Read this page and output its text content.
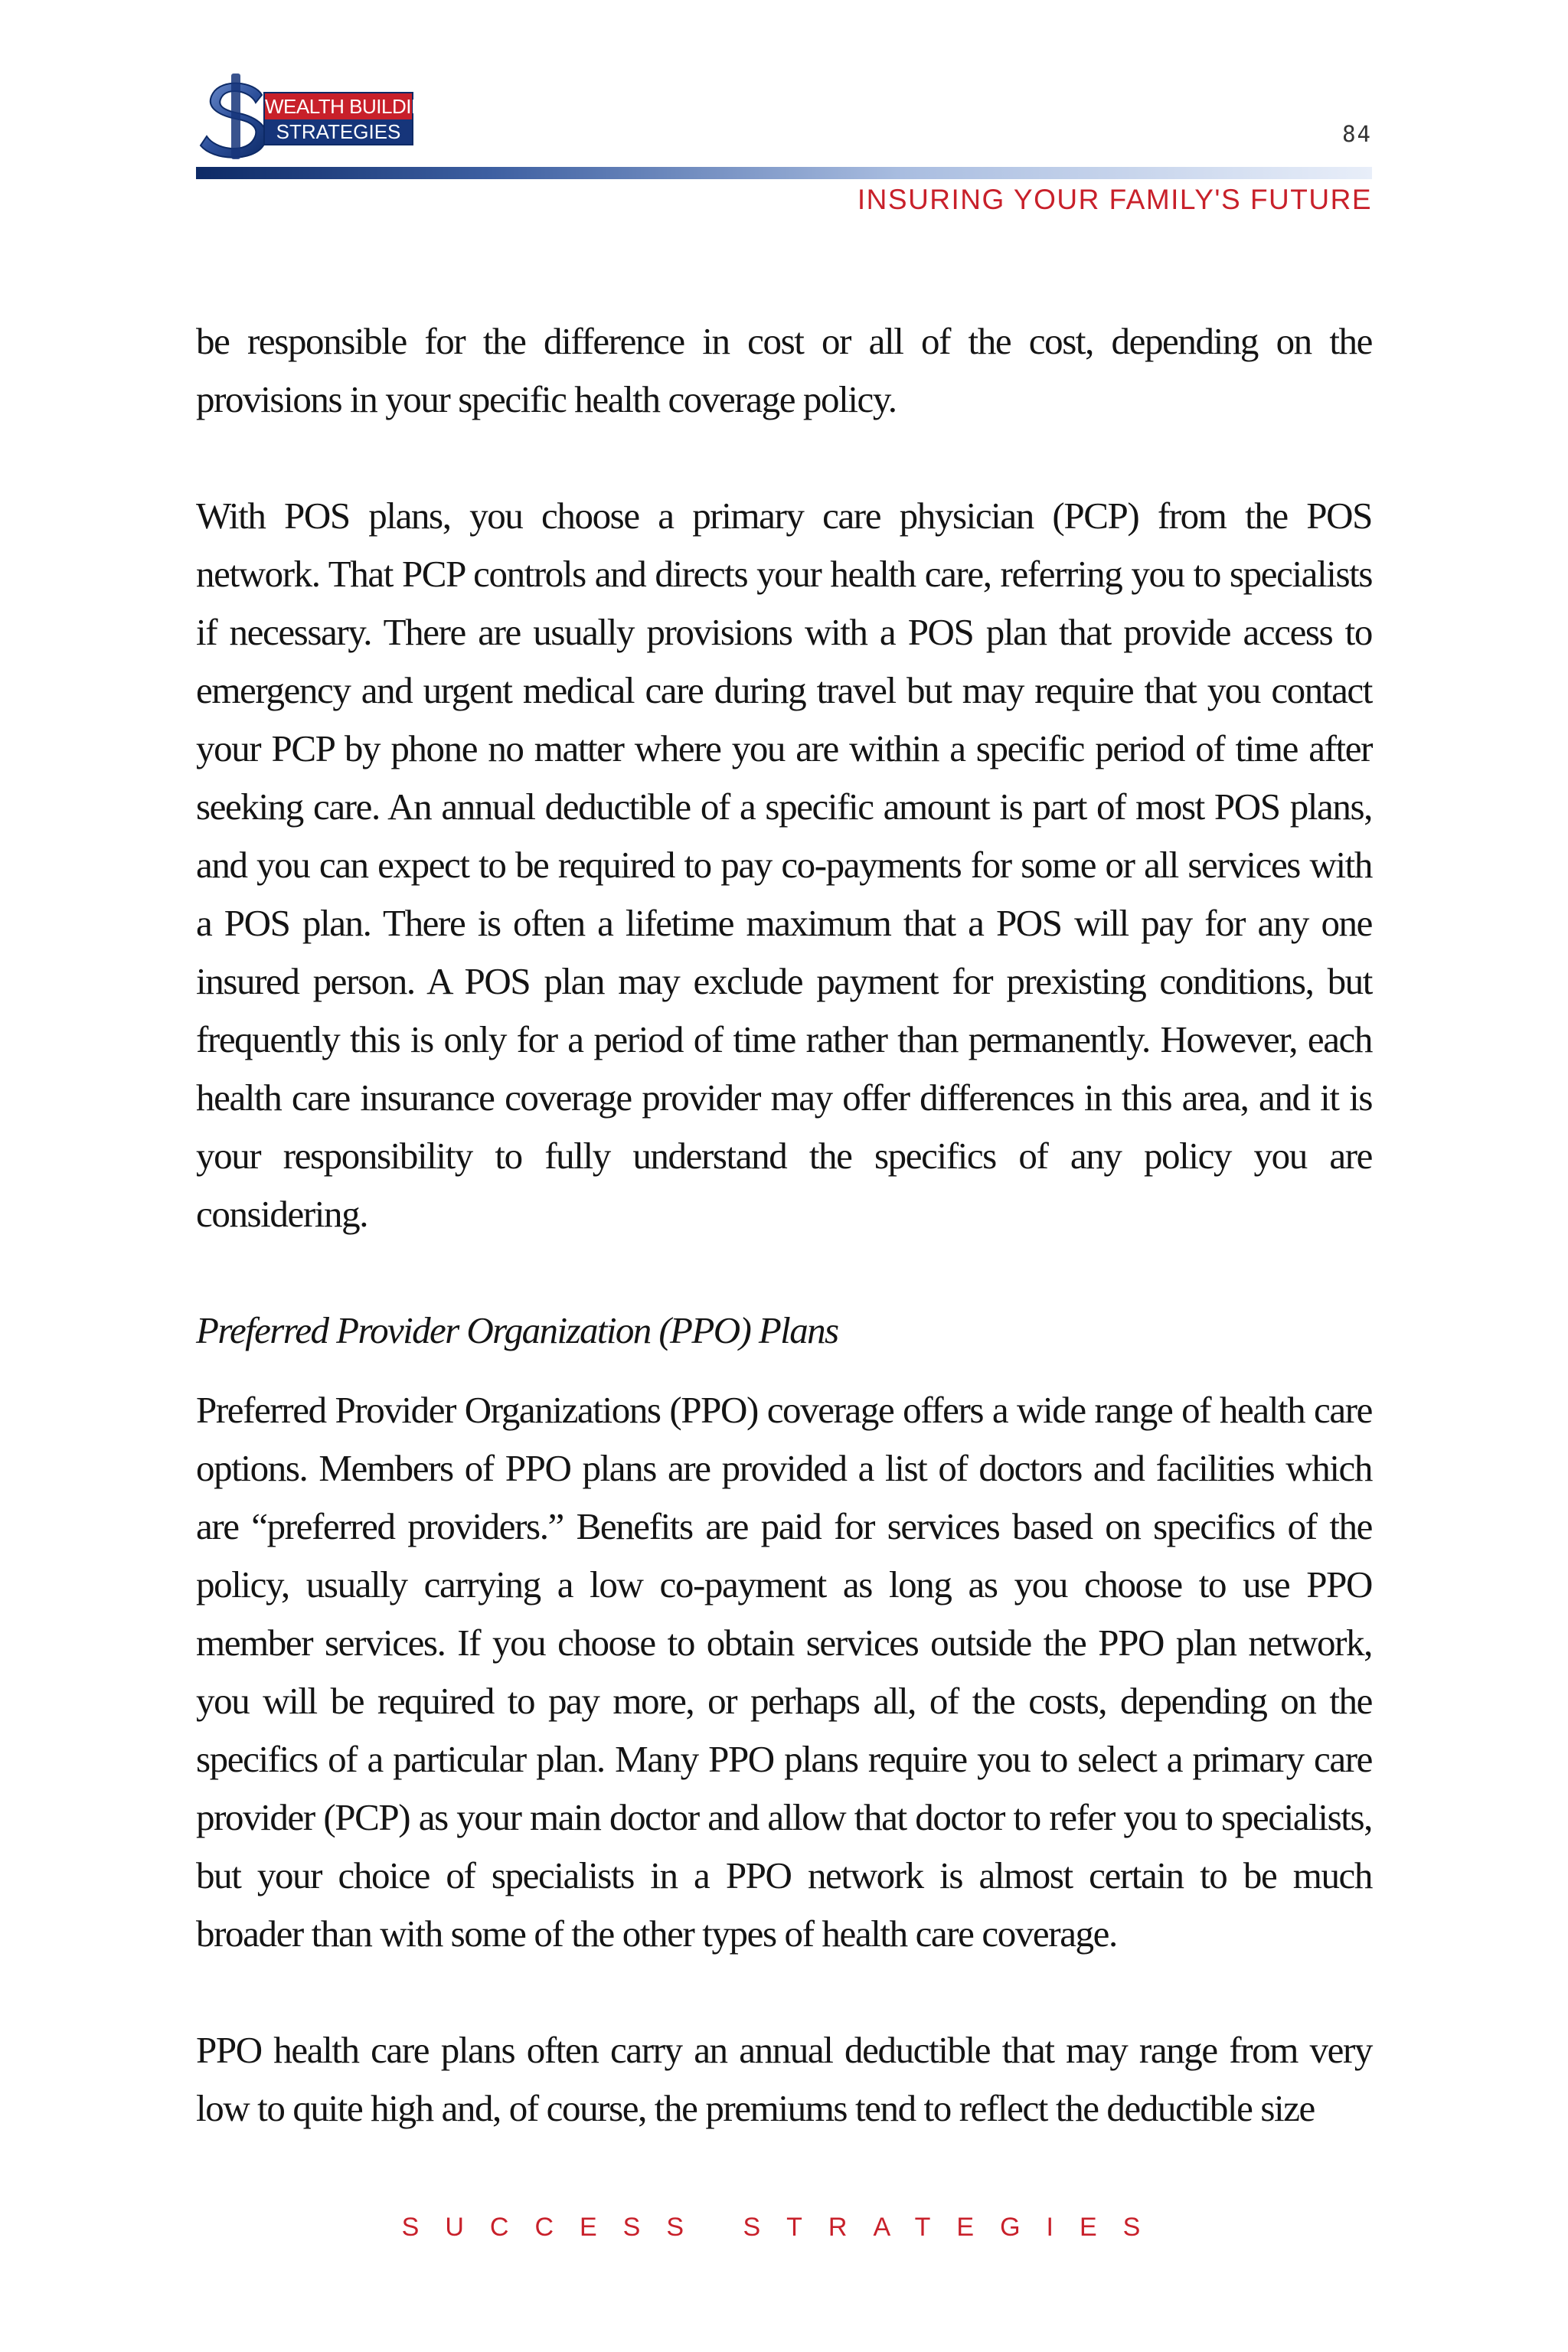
WEALTH BUILDING
STRATEGIES	84
INSURING YOUR FAMILY'S FUTURE

be responsible for the difference in cost or all of the cost, depending on the provisions in your specific health coverage policy.

With POS plans, you choose a primary care physician (PCP) from the POS network. That PCP controls and directs your health care, referring you to specialists if necessary. There are usually provisions with a POS plan that provide access to emergency and urgent medical care during travel but may require that you contact your PCP by phone no matter where you are within a specific period of time after seeking care. An annual deductible of a specific amount is part of most POS plans, and you can expect to be required to pay co-payments for some or all services with a POS plan. There is often a lifetime maximum that a POS will pay for any one insured person. A POS plan may exclude payment for prexisting conditions, but frequently this is only for a period of time rather than permanently. However, each health care insurance coverage provider may offer differences in this area, and it is your responsibility to fully understand the specifics of any policy you are considering.

Preferred Provider Organization (PPO) Plans

Preferred Provider Organizations (PPO) coverage offers a wide range of health care options. Members of PPO plans are provided a list of doctors and facilities which are “preferred providers.” Benefits are paid for services based on specifics of the policy, usually carrying a low co-payment as long as you choose to use PPO member services. If you choose to obtain services outside the PPO plan network, you will be required to pay more, or perhaps all, of the costs, depending on the specifics of a particular plan. Many PPO plans require you to select a primary care provider (PCP) as your main doctor and allow that doctor to refer you to specialists, but your choice of specialists in a PPO network is almost certain to be much broader than with some of the other types of health care coverage.

PPO health care plans often carry an annual deductible that may range from very low to quite high and, of course, the premiums tend to reflect the deductible size

SUCCESS STRATEGIES
